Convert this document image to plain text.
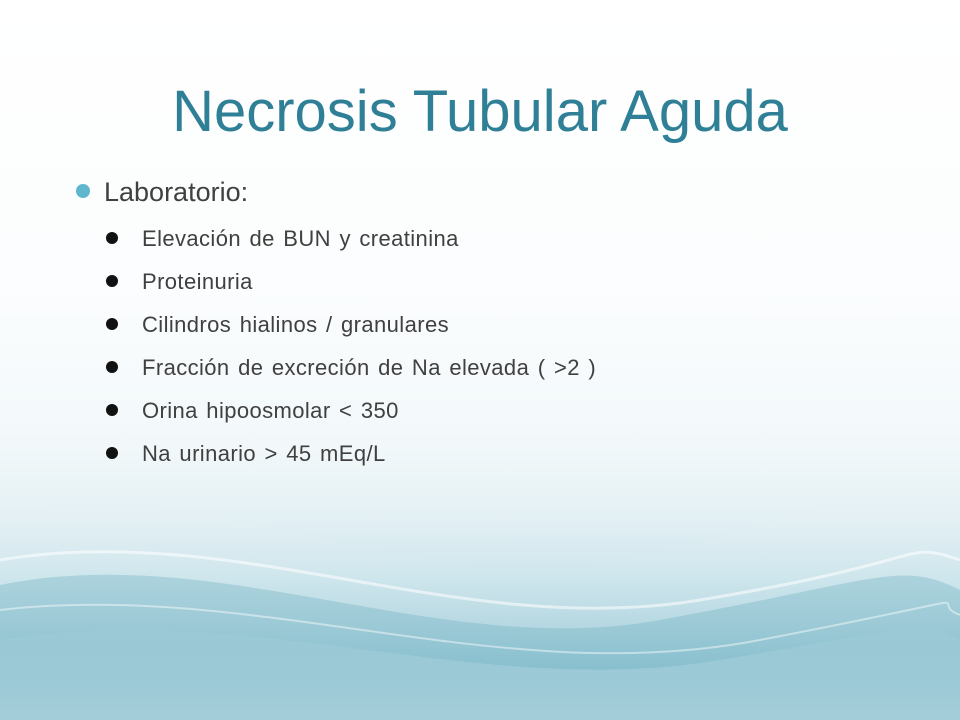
Necrosis Tubular Aguda
Laboratorio:
Elevación de BUN y creatinina
Proteinuria
Cilindros hialinos / granulares
Fracción de excreción de Na elevada ( >2 )
Orina hipoosmolar < 350
Na urinario > 45 mEq/L
